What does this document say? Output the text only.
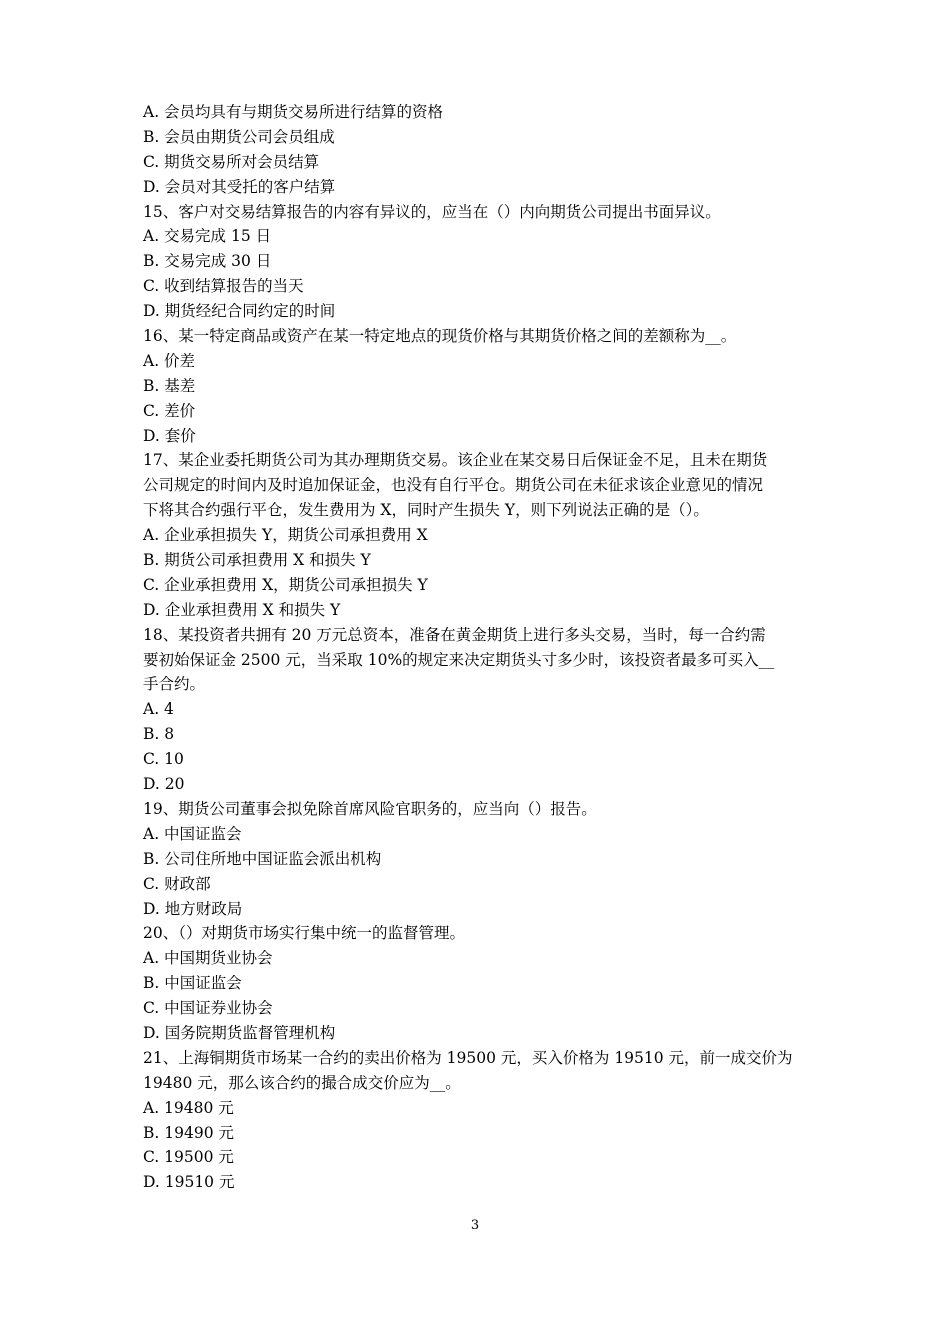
A. 会员均具有与期货交易所进行结算的资格
B. 会员由期货公司会员组成
C. 期货交易所对会员结算
D. 会员对其受托的客户结算
15、客户对交易结算报告的内容有异议的，应当在（）内向期货公司提出书面异议。
A. 交易完成 15 日
B. 交易完成 30 日
C. 收到结算报告的当天
D. 期货经纪合同约定的时间
16、某一特定商品或资产在某一特定地点的现货价格与其期货价格之间的差额称为__。
A. 价差
B. 基差
C. 差价
D. 套价
17、某企业委托期货公司为其办理期货交易。该企业在某交易日后保证金不足，且未在期货
公司规定的时间内及时追加保证金，也没有自行平仓。期货公司在未征求该企业意见的情况
下将其合约强行平仓，发生费用为 X，同时产生损失 Y，则下列说法正确的是（）。
A. 企业承担损失 Y，期货公司承担费用 X
B. 期货公司承担费用 X 和损失 Y
C. 企业承担费用 X，期货公司承担损失 Y
D. 企业承担费用 X 和损失 Y
18、某投资者共拥有 20 万元总资本，准备在黄金期货上进行多头交易，当时，每一合约需
要初始保证金 2500 元，当采取 10%的规定来决定期货头寸多少时，该投资者最多可买入__
手合约。
A. 4
B. 8
C. 10
D. 20
19、期货公司董事会拟免除首席风险官职务的，应当向（）报告。
A. 中国证监会
B. 公司住所地中国证监会派出机构
C. 财政部
D. 地方财政局
20、（）对期货市场实行集中统一的监督管理。
A. 中国期货业协会
B. 中国证监会
C. 中国证券业协会
D. 国务院期货监督管理机构
21、上海铜期货市场某一合约的卖出价格为 19500 元，买入价格为 19510 元，前一成交价为
19480 元，那么该合约的撮合成交价应为__。
A. 19480 元
B. 19490 元
C. 19500 元
D. 19510 元
3
